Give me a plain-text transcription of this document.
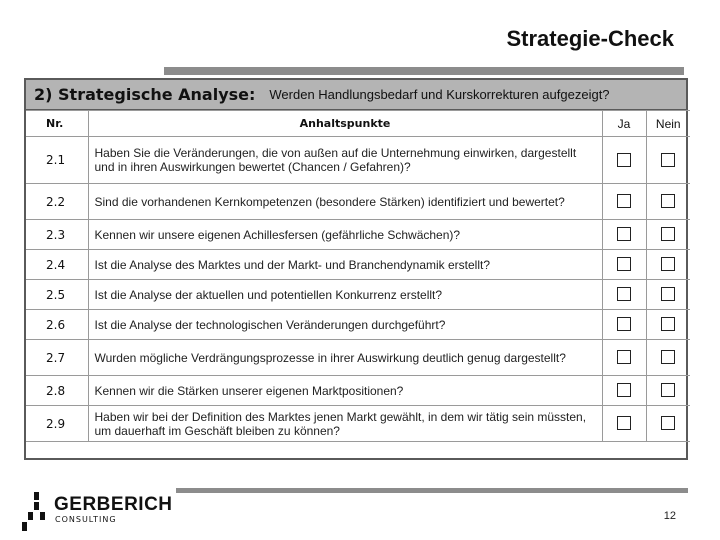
Strategie-Check
2) Strategische Analyse: Werden Handlungsbedarf und Kurskorrekturen aufgezeigt?
Nr.	Anhaltspunkte	Ja	Nein
2.1	Haben Sie die Veränderungen, die von außen auf die Unternehmung einwirken, dargestellt und in ihren Auswirkungen bewertet (Chancen / Gefahren)?		
2.2	Sind die vorhandenen Kernkompetenzen (besondere Stärken) identifiziert und bewertet?		
2.3	Kennen wir unsere eigenen Achillesfersen (gefährliche Schwächen)?		
2.4	Ist die Analyse des Marktes und der Markt- und Branchendynamik erstellt?		
2.5	Ist die Analyse der aktuellen und potentiellen Konkurrenz erstellt?		
2.6	Ist die Analyse der technologischen Veränderungen durchgeführt?		
2.7	Wurden mögliche Verdrängungsprozesse in ihrer Auswirkung deutlich genug dargestellt?		
2.8	Kennen wir die Stärken unserer eigenen Marktpositionen?		
2.9	Haben wir bei der Definition des Marktes jenen Markt gewählt, in dem wir tätig sein müssten, um dauerhaft im Geschäft bleiben zu können?		
GERBERICH
CONSULTING	12
